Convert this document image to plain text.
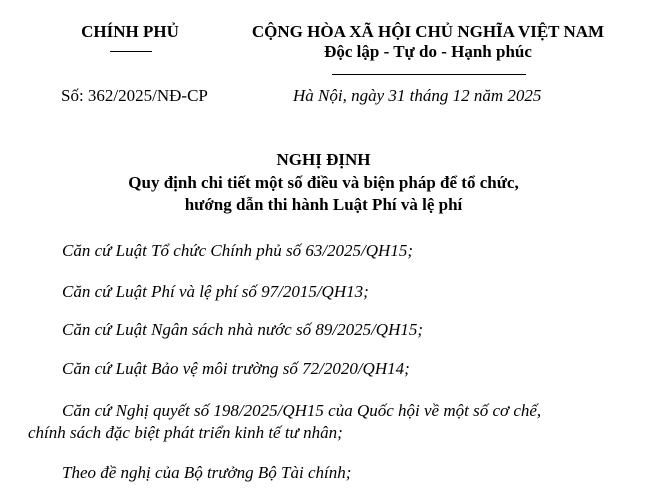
CHÍNH PHỦ	CỘNG HÒA XÃ HỘI CHỦ NGHĨA VIỆT NAM
Độc lập - Tự do - Hạnh phúc
Số: 362/2025/NĐ-CP	Hà Nội, ngày 31 tháng 12 năm 2025
NGHỊ ĐỊNH
Quy định chi tiết một số điều và biện pháp để tổ chức,
hướng dẫn thi hành Luật Phí và lệ phí
Căn cứ Luật Tổ chức Chính phủ số 63/2025/QH15;
Căn cứ Luật Phí và lệ phí số 97/2015/QH13;
Căn cứ Luật Ngân sách nhà nước số 89/2025/QH15;
Căn cứ Luật Bảo vệ môi trường số 72/2020/QH14;
Căn cứ Nghị quyết số 198/2025/QH15 của Quốc hội về một số cơ chế,
chính sách đặc biệt phát triển kinh tế tư nhân;
Theo đề nghị của Bộ trưởng Bộ Tài chính;
